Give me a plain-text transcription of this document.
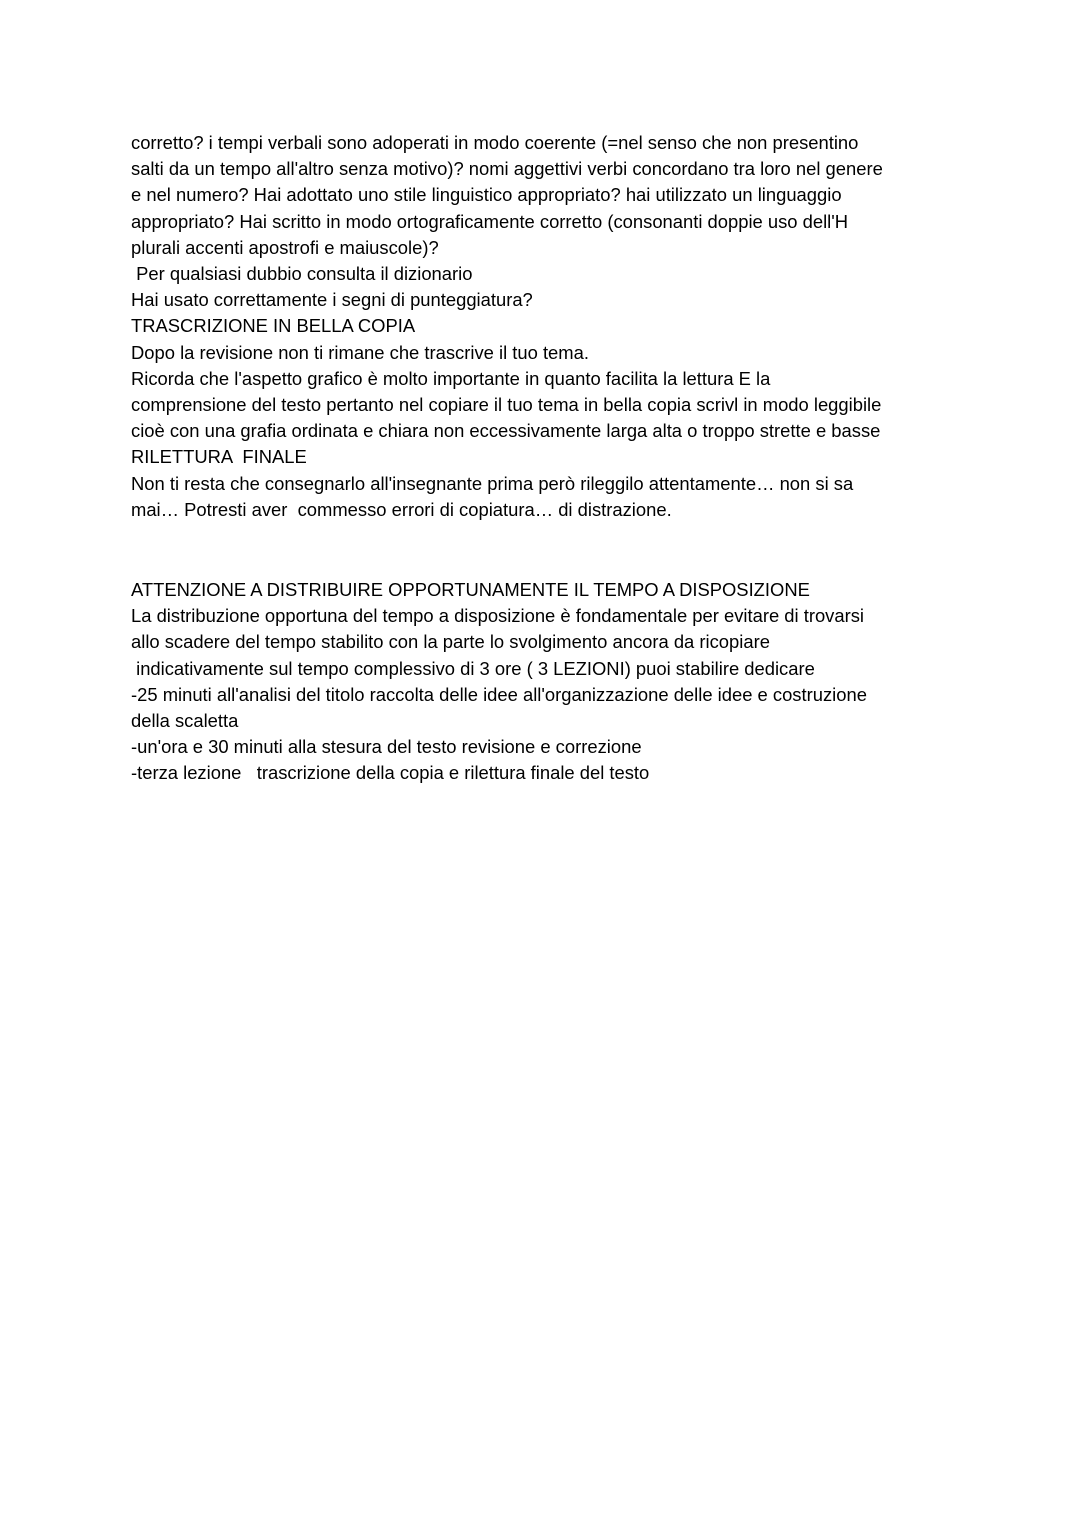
corretto? i tempi verbali sono adoperati in modo coerente (=nel senso che non presentino
salti da un tempo all'altro senza motivo)? nomi aggettivi verbi concordano tra loro nel genere
e nel numero? Hai adottato uno stile linguistico appropriato? hai utilizzato un linguaggio
appropriato? Hai scritto in modo ortograficamente corretto (consonanti doppie uso dell'H
plurali accenti apostrofi e maiuscole)?
Per qualsiasi dubbio consulta il dizionario
Hai usato correttamente i segni di punteggiatura?
TRASCRIZIONE IN BELLA COPIA
Dopo la revisione non ti rimane che trascrive il tuo tema.
Ricorda che l'aspetto grafico è molto importante in quanto facilita la lettura E la
comprensione del testo pertanto nel copiare il tuo tema in bella copia scrivl in modo leggibile
cioè con una grafia ordinata e chiara non eccessivamente larga alta o troppo strette e basse
RILETTURA  FINALE
Non ti resta che consegnarlo all'insegnante prima però rileggilo attentamente… non si sa
mai… Potresti aver  commesso errori di copiatura… di distrazione.
ATTENZIONE A DISTRIBUIRE OPPORTUNAMENTE IL TEMPO A DISPOSIZIONE
La distribuzione opportuna del tempo a disposizione è fondamentale per evitare di trovarsi
allo scadere del tempo stabilito con la parte lo svolgimento ancora da ricopiare
indicativamente sul tempo complessivo di 3 ore ( 3 LEZIONI) puoi stabilire dedicare
-25 minuti all'analisi del titolo raccolta delle idee all'organizzazione delle idee e costruzione
della scaletta
-un'ora e 30 minuti alla stesura del testo revisione e correzione
-terza lezione   trascrizione della copia e rilettura finale del testo
